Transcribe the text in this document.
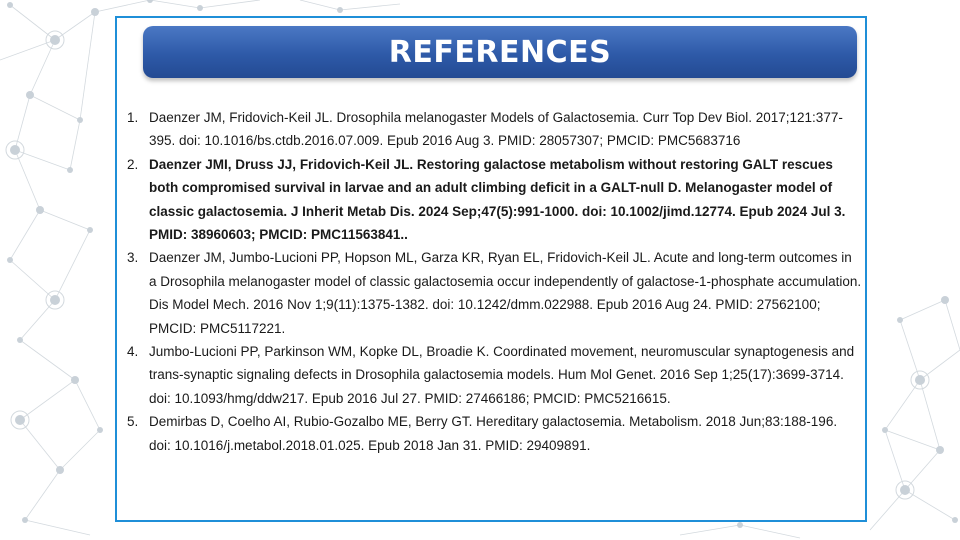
REFERENCES
1. Daenzer JM, Fridovich-Keil JL. Drosophila melanogaster Models of Galactosemia. Curr Top Dev Biol. 2017;121:377-395. doi: 10.1016/bs.ctdb.2016.07.009. Epub 2016 Aug 3. PMID: 28057307; PMCID: PMC5683716
2. Daenzer JMI, Druss JJ, Fridovich-Keil JL. Restoring galactose metabolism without restoring GALT rescues both compromised survival in larvae and an adult climbing deficit in a GALT-null D. Melanogaster model of classic galactosemia. J Inherit Metab Dis. 2024 Sep;47(5):991-1000. doi: 10.1002/jimd.12774. Epub 2024 Jul 3. PMID: 38960603; PMCID: PMC11563841..
3. Daenzer JM, Jumbo-Lucioni PP, Hopson ML, Garza KR, Ryan EL, Fridovich-Keil JL. Acute and long-term outcomes in a Drosophila melanogaster model of classic galactosemia occur independently of galactose-1-phosphate accumulation. Dis Model Mech. 2016 Nov 1;9(11):1375-1382. doi: 10.1242/dmm.022988. Epub 2016 Aug 24. PMID: 27562100; PMCID: PMC5117221.
4. Jumbo-Lucioni PP, Parkinson WM, Kopke DL, Broadie K. Coordinated movement, neuromuscular synaptogenesis and trans-synaptic signaling defects in Drosophila galactosemia models. Hum Mol Genet. 2016 Sep 1;25(17):3699-3714. doi: 10.1093/hmg/ddw217. Epub 2016 Jul 27. PMID: 27466186; PMCID: PMC5216615.
5. Demirbas D, Coelho AI, Rubio-Gozalbo ME, Berry GT. Hereditary galactosemia. Metabolism. 2018 Jun;83:188-196. doi: 10.1016/j.metabol.2018.01.025. Epub 2018 Jan 31. PMID: 29409891.
